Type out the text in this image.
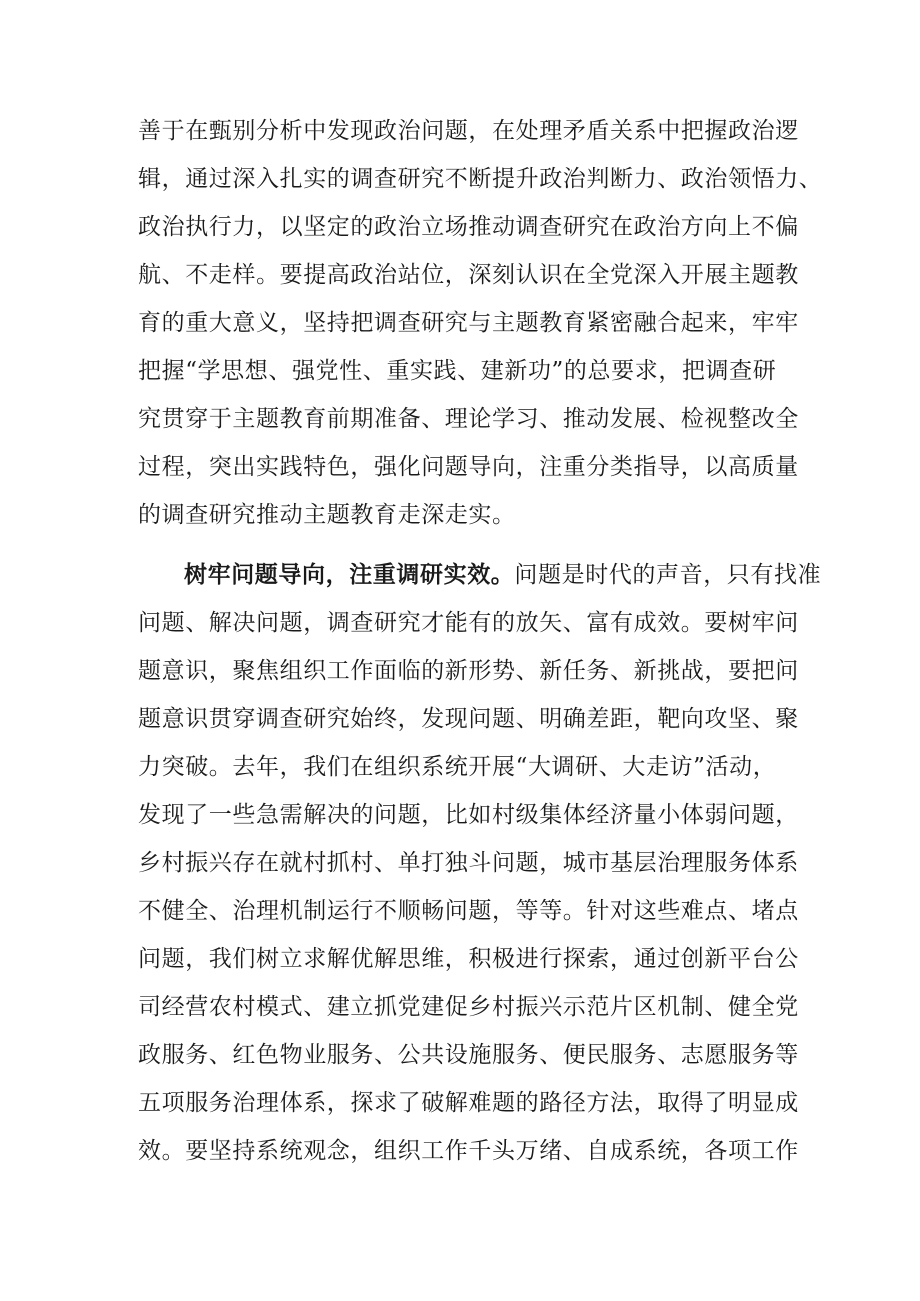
善于在甄别分析中发现政治问题，在处理矛盾关系中把握政治逻
辑，通过深入扎实的调查研究不断提升政治判断力、政治领悟力、
政治执行力，以坚定的政治立场推动调查研究在政治方向上不偏
航、不走样。要提高政治站位，深刻认识在全党深入开展主题教
育的重大意义，坚持把调查研究与主题教育紧密融合起来，牢牢
把握“学思想、强党性、重实践、建新功”的总要求，把调查研
究贯穿于主题教育前期准备、理论学习、推动发展、检视整改全
过程，突出实践特色，强化问题导向，注重分类指导，以高质量
的调查研究推动主题教育走深走实。
树牢问题导向，注重调研实效。问题是时代的声音，只有找准
问题、解决问题，调查研究才能有的放矢、富有成效。要树牢问
题意识，聚焦组织工作面临的新形势、新任务、新挑战，要把问
题意识贯穿调查研究始终，发现问题、明确差距，靶向攻坚、聚
力突破。去年，我们在组织系统开展“大调研、大走访”活动，
发现了一些急需解决的问题，比如村级集体经济量小体弱问题，
乡村振兴存在就村抓村、单打独斗问题，城市基层治理服务体系
不健全、治理机制运行不顺畅问题，等等。针对这些难点、堵点
问题，我们树立求解优解思维，积极进行探索，通过创新平台公
司经营农村模式、建立抓党建促乡村振兴示范片区机制、健全党
政服务、红色物业服务、公共设施服务、便民服务、志愿服务等
五项服务治理体系，探求了破解难题的路径方法，取得了明显成
效。要坚持系统观念，组织工作千头万绪、自成系统，各项工作
